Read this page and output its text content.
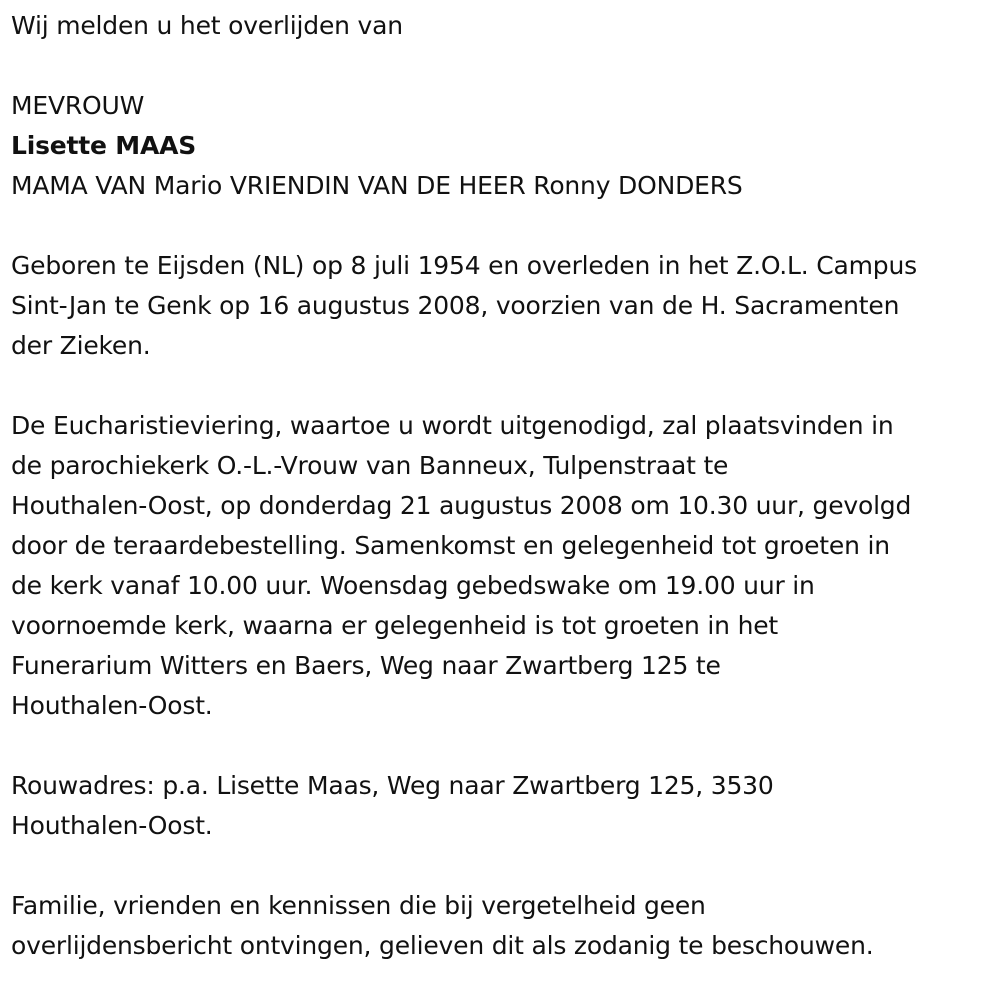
Wij melden u het overlijden van

MEVROUW

Lisette MAAS

MAMA VAN Mario VRIENDIN VAN DE HEER Ronny DONDERS

Geboren te Eijsden (NL) op 8 juli 1954 en overleden in het Z.O.L. Campus

Sint-Jan te Genk op 16 augustus 2008, voorzien van de H. Sacramenten

der Zieken.

De Eucharistieviering, waartoe u wordt uitgenodigd, zal plaatsvinden in

de parochiekerk O.-L.-Vrouw van Banneux, Tulpenstraat te

Houthalen-Oost, op donderdag 21 augustus 2008 om 10.30 uur, gevolgd

door de teraardebestelling. Samenkomst en gelegenheid tot groeten in

de kerk vanaf 10.00 uur. Woensdag gebedswake om 19.00 uur in

voornoemde kerk, waarna er gelegenheid is tot groeten in het

Funerarium Witters en Baers, Weg naar Zwartberg 125 te

Houthalen-Oost.

Rouwadres: p.a. Lisette Maas, Weg naar Zwartberg 125, 3530

Houthalen-Oost.

Familie, vrienden en kennissen die bij vergetelheid geen

overlijdensbericht ontvingen, gelieven dit als zodanig te beschouwen.
